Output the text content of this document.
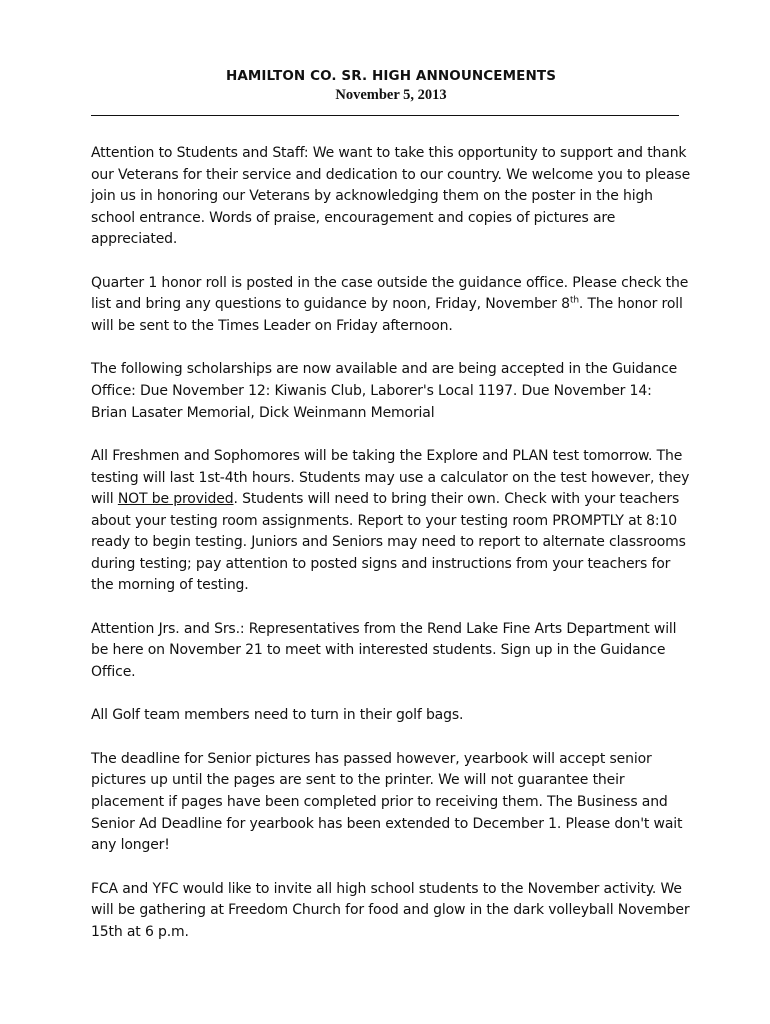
HAMILTON CO. SR. HIGH ANNOUNCEMENTS

November 5, 2013

Attention to Students and Staff: We want to take this opportunity to support and thank our Veterans for their service and dedication to our country. We welcome you to please join us in honoring our Veterans by acknowledging them on the poster in the high school entrance. Words of praise, encouragement and copies of pictures are appreciated.

Quarter 1 honor roll is posted in the case outside the guidance office. Please check the list and bring any questions to guidance by noon, Friday, November 8th. The honor roll will be sent to the Times Leader on Friday afternoon.

The following scholarships are now available and are being accepted in the Guidance Office: Due November 12: Kiwanis Club, Laborer's Local 1197. Due November 14: Brian Lasater Memorial, Dick Weinmann Memorial

All Freshmen and Sophomores will be taking the Explore and PLAN test tomorrow. The testing will last 1st-4th hours. Students may use a calculator on the test however, they will NOT be provided. Students will need to bring their own. Check with your teachers about your testing room assignments. Report to your testing room PROMPTLY at 8:10 ready to begin testing. Juniors and Seniors may need to report to alternate classrooms during testing; pay attention to posted signs and instructions from your teachers for the morning of testing.

Attention Jrs. and Srs.: Representatives from the Rend Lake Fine Arts Department will be here on November 21 to meet with interested students. Sign up in the Guidance Office.

All Golf team members need to turn in their golf bags.

The deadline for Senior pictures has passed however, yearbook will accept senior pictures up until the pages are sent to the printer. We will not guarantee their placement if pages have been completed prior to receiving them. The Business and Senior Ad Deadline for yearbook has been extended to December 1. Please don't wait any longer!

FCA and YFC would like to invite all high school students to the November activity. We will be gathering at Freedom Church for food and glow in the dark volleyball November 15th at 6 p.m.
